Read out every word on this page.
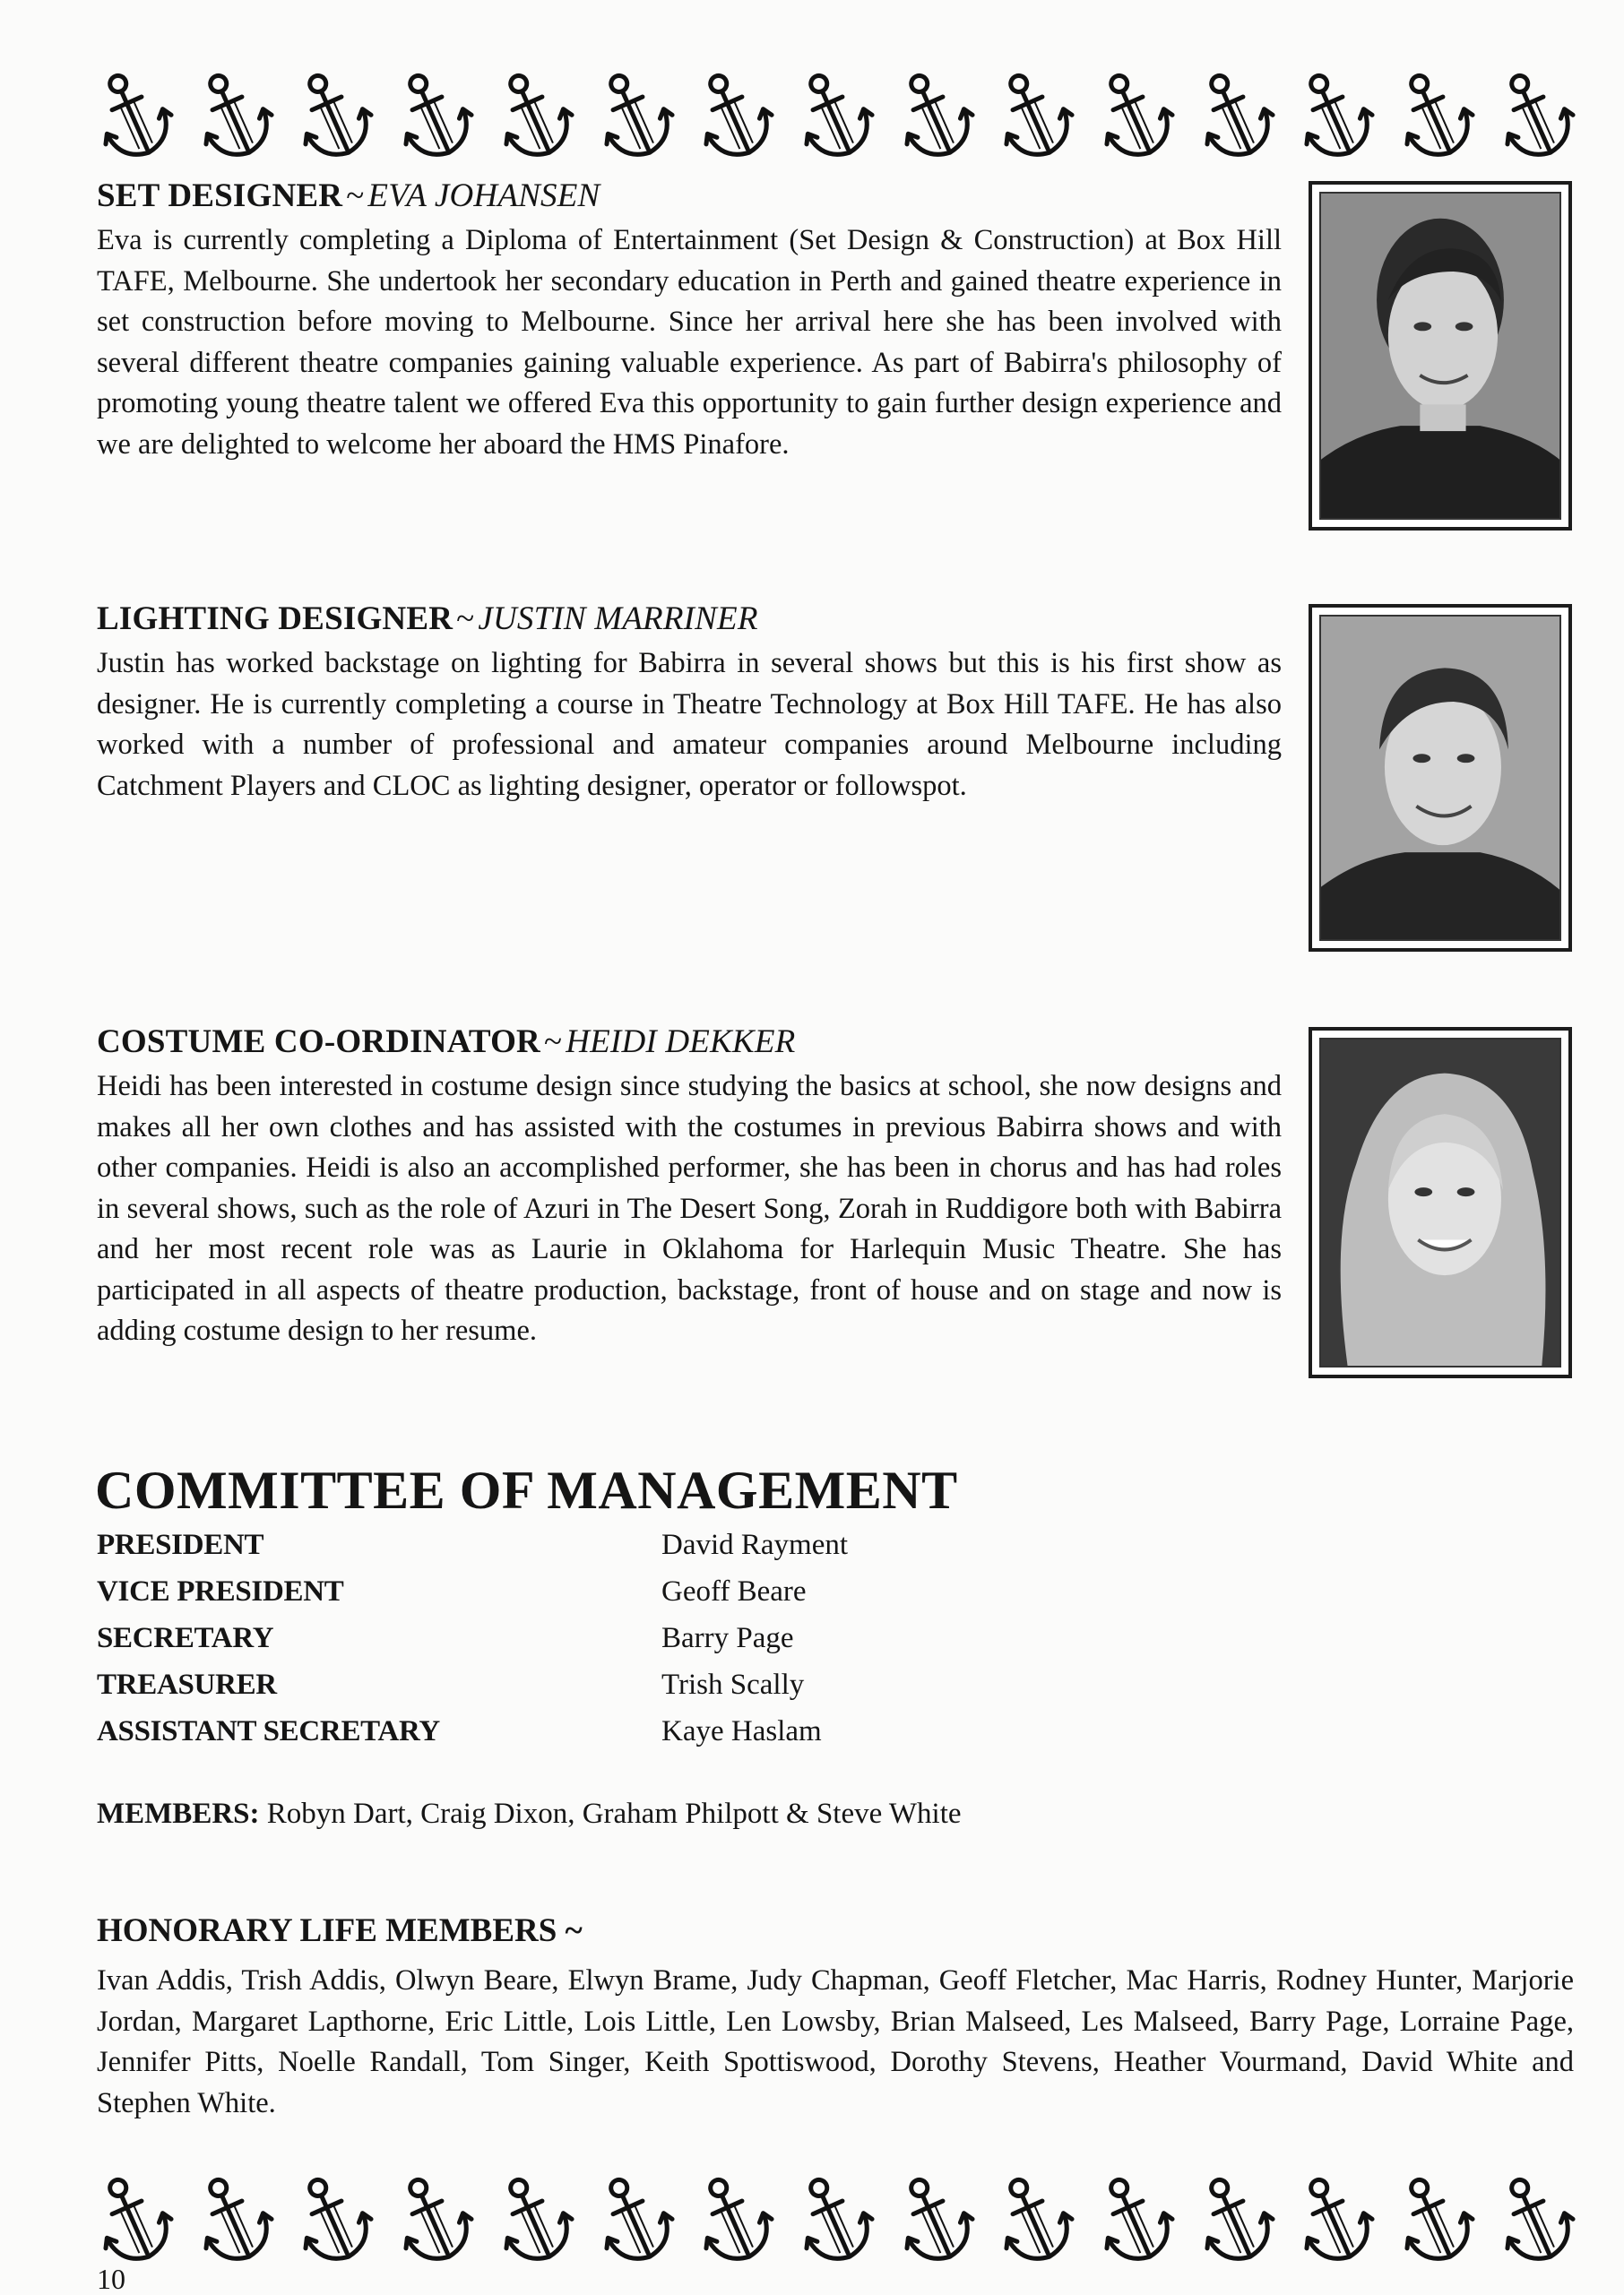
SET DESIGNER ~ EVA JOHANSEN

Eva is currently completing a Diploma of Entertainment (Set Design & Construction) at Box Hill TAFE, Melbourne. She undertook her secondary education in Perth and gained theatre experience in set construction before moving to Melbourne. Since her arrival here she has been involved with several different theatre companies gaining valuable experience. As part of Babirra's philosophy of promoting young theatre talent we offered Eva this opportunity to gain further design experience and we are delighted to welcome her aboard the HMS Pinafore.

LIGHTING DESIGNER ~ JUSTIN MARRINER

Justin has worked backstage on lighting for Babirra in several shows but this is his first show as designer. He is currently completing a course in Theatre Technology at Box Hill TAFE. He has also worked with a number of professional and amateur companies around Melbourne including Catchment Players and CLOC as lighting designer, operator or followspot.

COSTUME CO-ORDINATOR ~ HEIDI DEKKER

Heidi has been interested in costume design since studying the basics at school, she now designs and makes all her own clothes and has assisted with the costumes in previous Babirra shows and with other companies. Heidi is also an accomplished performer, she has been in chorus and has had roles in several shows, such as the role of Azuri in The Desert Song, Zorah in Ruddigore both with Babirra and her most recent role was as Laurie in Oklahoma for Harlequin Music Theatre. She has participated in all aspects of theatre production, backstage, front of house and on stage and now is adding costume design to her resume.

COMMITTEE OF MANAGEMENT
PRESIDENT	David Rayment
VICE PRESIDENT	Geoff Beare
SECRETARY	Barry Page
TREASURER	Trish Scally
ASSISTANT SECRETARY	Kaye Haslam
MEMBERS: Robyn Dart, Craig Dixon, Graham Philpott & Steve White
HONORARY LIFE MEMBERS ~

Ivan Addis, Trish Addis, Olwyn Beare, Elwyn Brame, Judy Chapman, Geoff Fletcher, Mac Harris, Rodney Hunter, Marjorie Jordan, Margaret Lapthorne, Eric Little, Lois Little, Len Lowsby, Brian Malseed, Les Malseed, Barry Page, Lorraine Page, Jennifer Pitts, Noelle Randall, Tom Singer, Keith Spottiswood, Dorothy Stevens, Heather Vourmand, David White and Stephen White.

10
